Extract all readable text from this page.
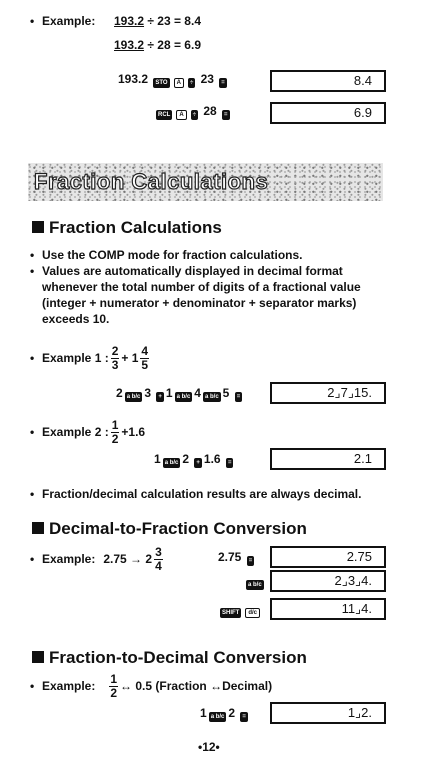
• Example: 193.2 ÷ 23 = 8.4
193.2 ÷ 28 = 6.9
193.2 STO A ÷ 23 =	8.4
RCL A ÷ 28 =	6.9
Fraction Calculations
Fraction Calculations
• Use the COMP mode for fraction calculations.
• Values are automatically displayed in decimal format
whenever the total number of digits of a fractional value
(integer + numerator + denominator + separator marks)
exceeds 10.
• Example 1 : $\frac{2}{3} + 1 \frac{4}{5}$
2 a b/c 3 + 1 a b/c 4 a b/c 5 =	2⌟7⌟15.
• Example 2 : $\frac{1}{2} +1.6$
1 a b/c 2 + 1.6 =	2.1
• Fraction/decimal calculation results are always decimal.
Decimal-to-Fraction Conversion
• Example: $2.75 \to 2 \frac{3}{4}$	2.75 =	2.75
a b/c	2⌟3⌟4.
SHIFT d/c	11⌟4.
Fraction-to-Decimal Conversion
• Example: $\frac{1}{2}$ ↔ 0.5 (Fraction ↔Decimal)
1 a b/c 2 =	1⌟2.
•12•
